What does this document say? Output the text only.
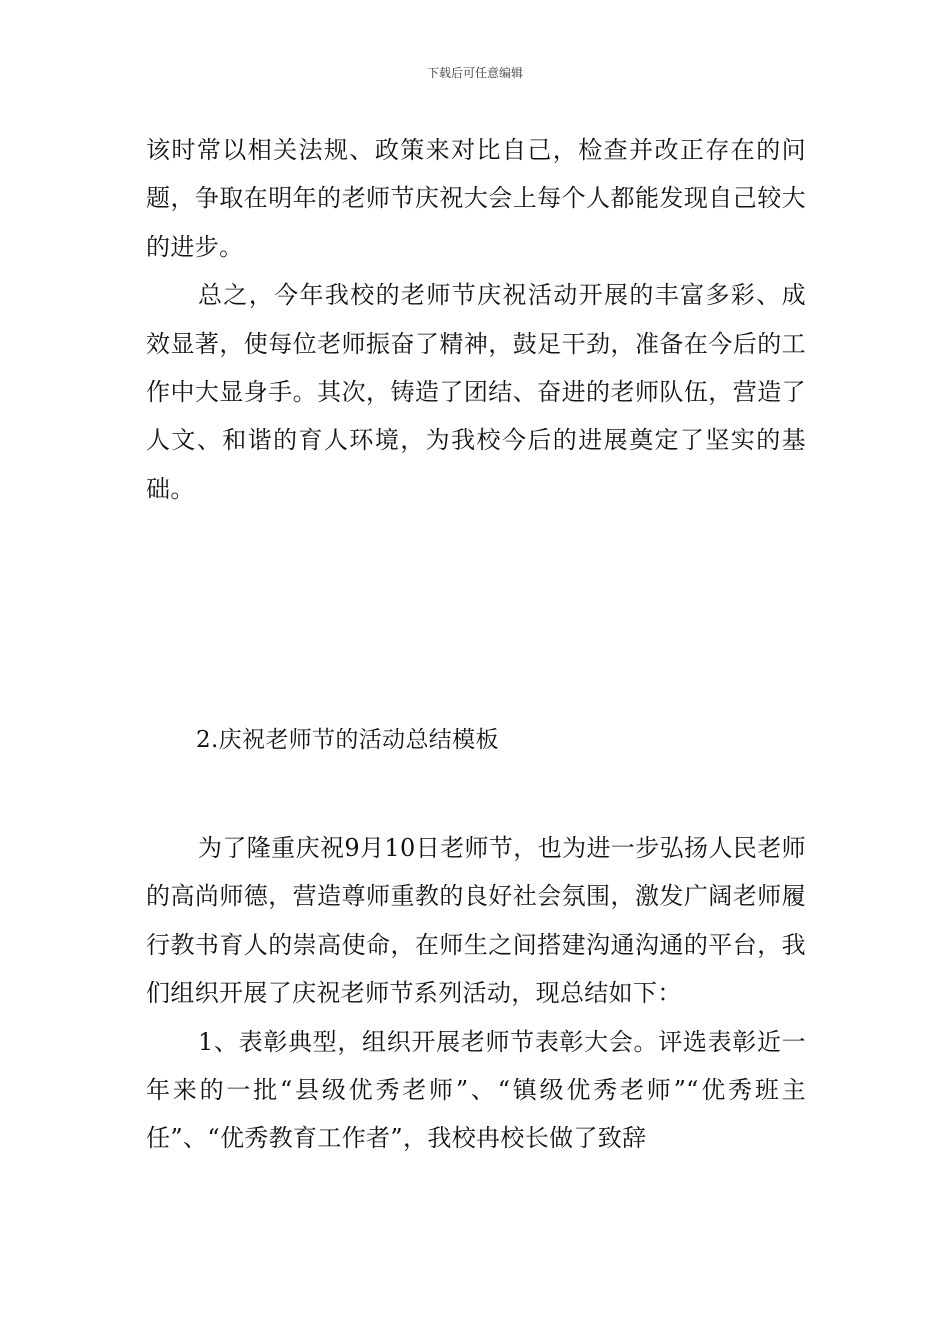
下载后可任意编辑

该时常以相关法规、政策来对比自己，检查并改正存在的问题，争取在明年的老师节庆祝大会上每个人都能发现自己较大的进步。

总之，今年我校的老师节庆祝活动开展的丰富多彩、成效显著，使每位老师振奋了精神，鼓足干劲，准备在今后的工作中大显身手。其次，铸造了团结、奋进的老师队伍，营造了人文、和谐的育人环境，为我校今后的进展奠定了坚实的基础。

2.庆祝老师节的活动总结模板

为了隆重庆祝9月10日老师节，也为进一步弘扬人民老师的高尚师德，营造尊师重教的良好社会氛围，激发广阔老师履行教书育人的崇高使命，在师生之间搭建沟通沟通的平台，我们组织开展了庆祝老师节系列活动，现总结如下：

1、表彰典型，组织开展老师节表彰大会。评选表彰近一年来的一批“县级优秀老师”、“镇级优秀老师”“优秀班主任”、“优秀教育工作者”，我校冉校长做了致辞
